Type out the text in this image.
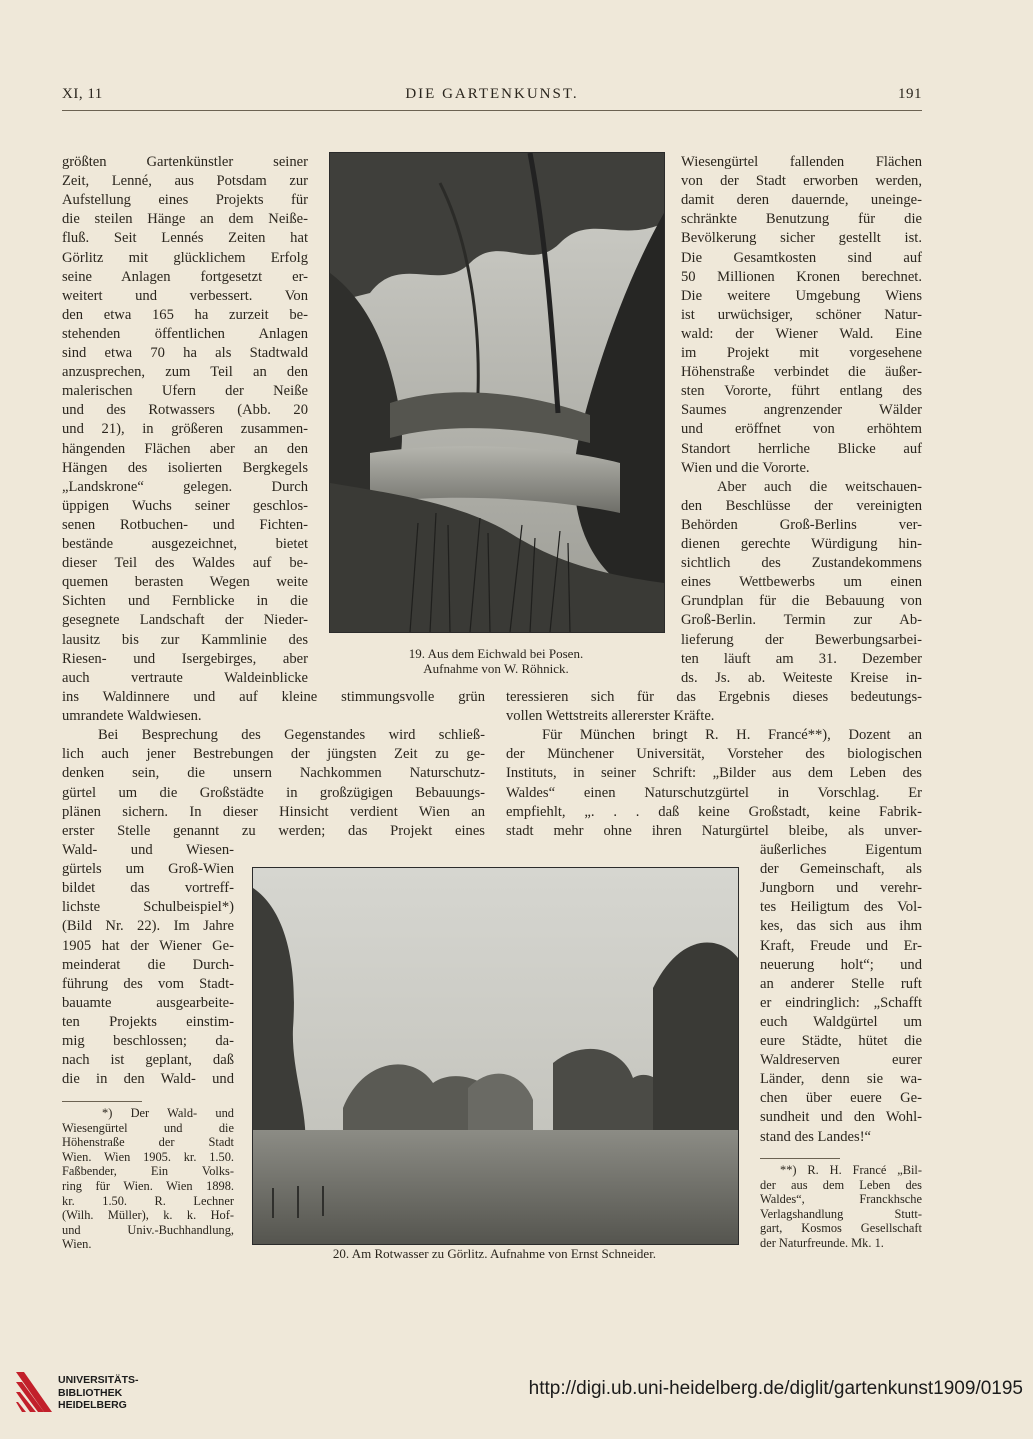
XI, 11	DIE GARTENKUNST.	191
größten Gartenkünstler seiner
Zeit, Lenné, aus Potsdam zur
Aufstellung eines Projekts für
die steilen Hänge an dem Neiße-
fluß. Seit Lennés Zeiten hat
Görlitz mit glücklichem Erfolg
seine Anlagen fortgesetzt er-
weitert und verbessert. Von
den etwa 165 ha zurzeit be-
stehenden öffentlichen Anlagen
sind etwa 70 ha als Stadtwald
anzusprechen, zum Teil an den
malerischen Ufern der Neiße
und des Rotwassers (Abb. 20
und 21), in größeren zusammen-
hängenden Flächen aber an den
Hängen des isolierten Bergkegels
„Landskrone“ gelegen. Durch
üppigen Wuchs seiner geschlos-
senen Rotbuchen- und Fichten-
bestände ausgezeichnet, bietet
dieser Teil des Waldes auf be-
quemen berasten Wegen weite
Sichten und Fernblicke in die
gesegnete Landschaft der Nieder-
lausitz bis zur Kammlinie des
Riesen- und Isergebirges, aber
auch vertraute Waldeinblicke
Wiesengürtel fallenden Flächen
von der Stadt erworben werden,
damit deren dauernde, uneinge-
schränkte Benutzung für die
Bevölkerung sicher gestellt ist.
Die Gesamtkosten sind auf
50 Millionen Kronen berechnet.
Die weitere Umgebung Wiens
ist urwüchsiger, schöner Natur-
wald: der Wiener Wald. Eine
im Projekt mit vorgesehene
Höhenstraße verbindet die äußer-
sten Vororte, führt entlang des
Saumes angrenzender Wälder
und eröffnet von erhöhtem
Standort herrliche Blicke auf
Wien und die Vororte.
Aber auch die weitschauen-
den Beschlüsse der vereinigten
Behörden Groß-Berlins ver-
dienen gerechte Würdigung hin-
sichtlich des Zustandekommens
eines Wettbewerbs um einen
Grundplan für die Bebauung von
Groß-Berlin. Termin zur Ab-
lieferung der Bewerbungsarbei-
ten läuft am 31. Dezember
ds. Js. ab. Weiteste Kreise in-
ins Waldinnere und auf kleine stimmungsvolle grün
umrandete Waldwiesen.
Bei Besprechung des Gegenstandes wird schließ-
lich auch jener Bestrebungen der jüngsten Zeit zu ge-
denken sein, die unsern Nachkommen Naturschutz-
gürtel um die Großstädte in großzügigen Bebauungs-
plänen sichern. In dieser Hinsicht verdient Wien an
erster Stelle genannt zu werden; das Projekt eines
teressieren sich für das Ergebnis dieses bedeutungs-
vollen Wettstreits allererster Kräfte.
Für München bringt R. H. Francé**), Dozent an
der Münchener Universität, Vorsteher des biologischen
Instituts, in seiner Schrift: „Bilder aus dem Leben des
Waldes“ einen Naturschutzgürtel in Vorschlag. Er
empfiehlt, „. . . daß keine Großstadt, keine Fabrik-
stadt mehr ohne ihren Naturgürtel bleibe, als unver-
Wald- und Wiesen-
gürtels um Groß-Wien
bildet das vortreff-
lichste Schulbeispiel*)
(Bild Nr. 22). Im Jahre
1905 hat der Wiener Ge-
meinderat die Durch-
führung des vom Stadt-
bauamte ausgearbeite-
ten Projekts einstim-
mig beschlossen; da-
nach ist geplant, daß
die in den Wald- und
äußerliches Eigentum
der Gemeinschaft, als
Jungborn und verehr-
tes Heiligtum des Vol-
kes, das sich aus ihm
Kraft, Freude und Er-
neuerung holt“; und
an anderer Stelle ruft
er eindringlich: „Schafft
euch Waldgürtel um
eure Städte, hütet die
Waldreserven eurer
Länder, denn sie wa-
chen über euere Ge-
sundheit und den Wohl-
stand des Landes!“
*) Der Wald- und
Wiesengürtel und die
Höhenstraße der Stadt
Wien. Wien 1905. kr. 1.50.
Faßbender, Ein Volks-
ring für Wien. Wien 1898.
kr. 1.50. R. Lechner
(Wilh. Müller), k. k. Hof-
und Univ.-Buchhandlung,
Wien.
**) R. H. Francé „Bil-
der aus dem Leben des
Waldes“, Franckhsche
Verlagshandlung Stutt-
gart, Kosmos Gesellschaft
der Naturfreunde. Mk. 1.
19. Aus dem Eichwald bei Posen.
Aufnahme von W. Röhnick.
20. Am Rotwasser zu Görlitz. Aufnahme von Ernst Schneider.
UNIVERSITÄTS-
BIBLIOTHEK
HEIDELBERG
http://digi.ub.uni-heidelberg.de/diglit/gartenkunst1909/0195
